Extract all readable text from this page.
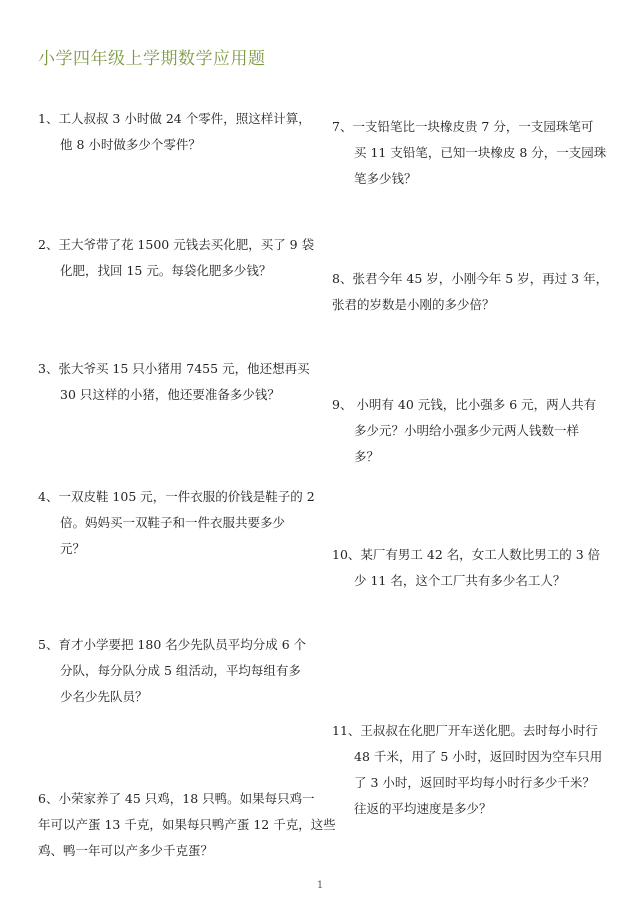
小学四年级上学期数学应用题
1、工人叔叔 3 小时做 24 个零件，照这样计算，
他 8 小时做多少个零件？
2、王大爷带了花 1500 元钱去买化肥，买了 9 袋
化肥，找回 15 元。每袋化肥多少钱？
3、张大爷买 15 只小猪用 7455 元，他还想再买
30 只这样的小猪，他还要准备多少钱？
4、一双皮鞋 105 元，一件衣服的价钱是鞋子的 2
倍。妈妈买一双鞋子和一件衣服共要多少
元？
5、育才小学要把 180 名少先队员平均分成 6 个
分队，每分队分成 5 组活动，平均每组有多
少名少先队员？
6、小荣家养了 45 只鸡，18 只鸭。如果每只鸡一
年可以产蛋 13 千克，如果每只鸭产蛋 12 千克，这些
鸡、鸭一年可以产多少千克蛋？
7、一支铅笔比一块橡皮贵 7 分，一支园珠笔可
买 11 支铅笔，已知一块橡皮 8 分，一支园珠
笔多少钱？
8、张君今年 45 岁，小刚今年 5 岁，再过 3 年，
张君的岁数是小刚的多少倍？
9、 小明有 40 元钱，比小强多 6 元，两人共有
多少元？小明给小强多少元两人钱数一样
多？
10、某厂有男工 42 名，女工人数比男工的 3 倍
少 11 名，这个工厂共有多少名工人？
11、王叔叔在化肥厂开车送化肥。去时每小时行
48 千米，用了 5 小时，返回时因为空车只用
了 3 小时，返回时平均每小时行多少千米？
往返的平均速度是多少？
1
